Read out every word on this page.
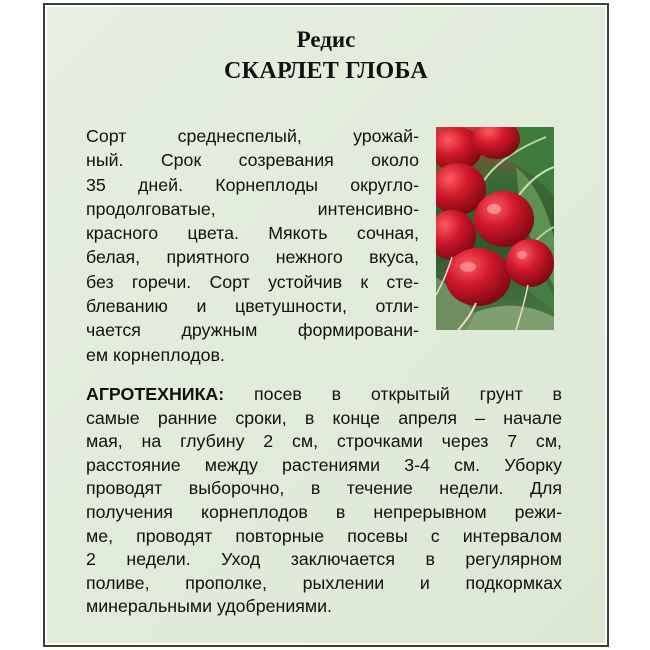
Редис
СКАРЛЕТ ГЛОБА

Сорт среднеспелый, урожай-
ный. Срок созревания около
35 дней. Корнеплоды округло-
продолговатые, интенсивно-
красного цвета. Мякоть сочная,
белая, приятного нежного вкуса,
без горечи. Сорт устойчив к сте-
блеванию и цветушности, отли-
чается дружным формировани-
ем корнеплодов.

АГРОТЕХНИКА: посев в открытый грунт в
самые ранние сроки, в конце апреля – начале
мая, на глубину 2 см, строчками через 7 см,
расстояние между растениями 3-4 см. Уборку
проводят выборочно, в течение недели. Для
получения корнеплодов в непрерывном режи-
ме, проводят повторные посевы с интервалом
2 недели. Уход заключается в регулярном
поливе, прополке, рыхлении и подкормках
минеральными удобрениями.
